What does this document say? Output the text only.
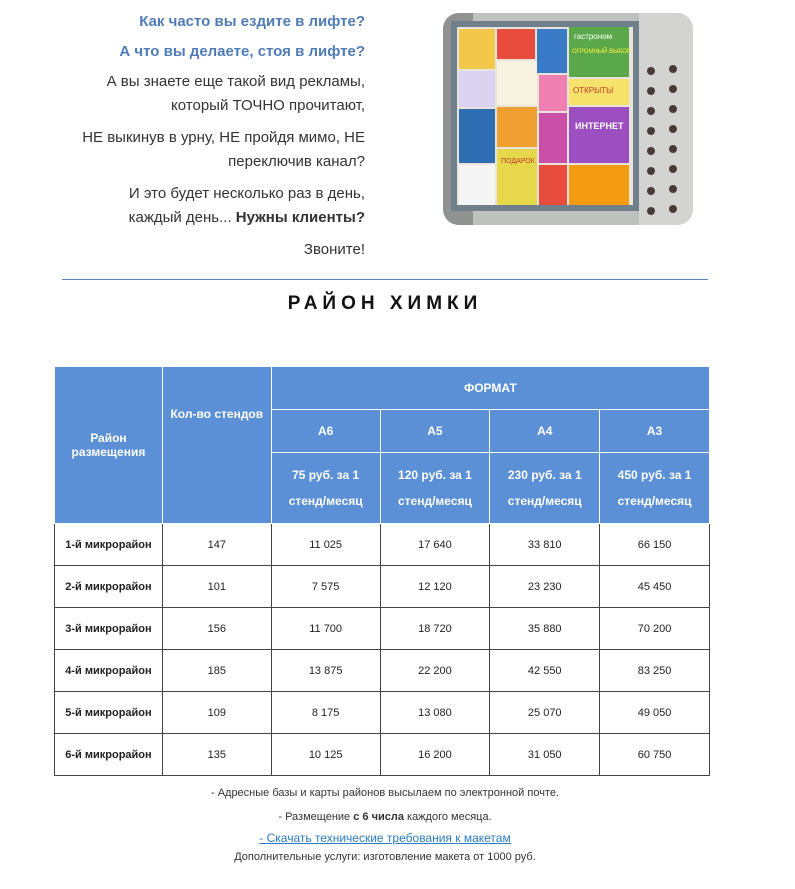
Как часто вы ездите в лифте?

А что вы делаете, стоя в лифте?

А вы знаете еще такой вид рекламы,
который ТОЧНО прочитают,

НЕ выкинув в урну, НЕ пройдя мимо, НЕ
переключив канал?

И это будет несколько раз в день,
каждый день... Нужны клиенты?

Звоните!

гастроном
ОГРОМНЫЙ ВЫБОР
ОТКРЫТЫ
ИНТЕРНЕТ
ПОДАРОК
РАЙОН ХИМКИ
Район размещения	Кол-во стендов	ФОРМАТ			
		А6	А5	А4	А3
		75 руб. за 1
стенд/месяц	120 руб. за 1
стенд/месяц	230 руб. за 1
стенд/месяц	450 руб. за 1
стенд/месяц
1-й микрорайон	147	11 025	17 640	33 810	66 150
2-й микрорайон	101	7 575	12 120	23 230	45 450
3-й микрорайон	156	11 700	18 720	35 880	70 200
4-й микрорайон	185	13 875	22 200	42 550	83 250
5-й микрорайон	109	8 175	13 080	25 070	49 050
6-й микрорайон	135	10 125	16 200	31 050	60 750
- Адресные базы и карты районов высылаем по электронной почте.
- Размещение с 6 числа каждого месяца.
- Скачать технические требования к макетам
Дополнительные услуги: изготовление макета от 1000 руб.
